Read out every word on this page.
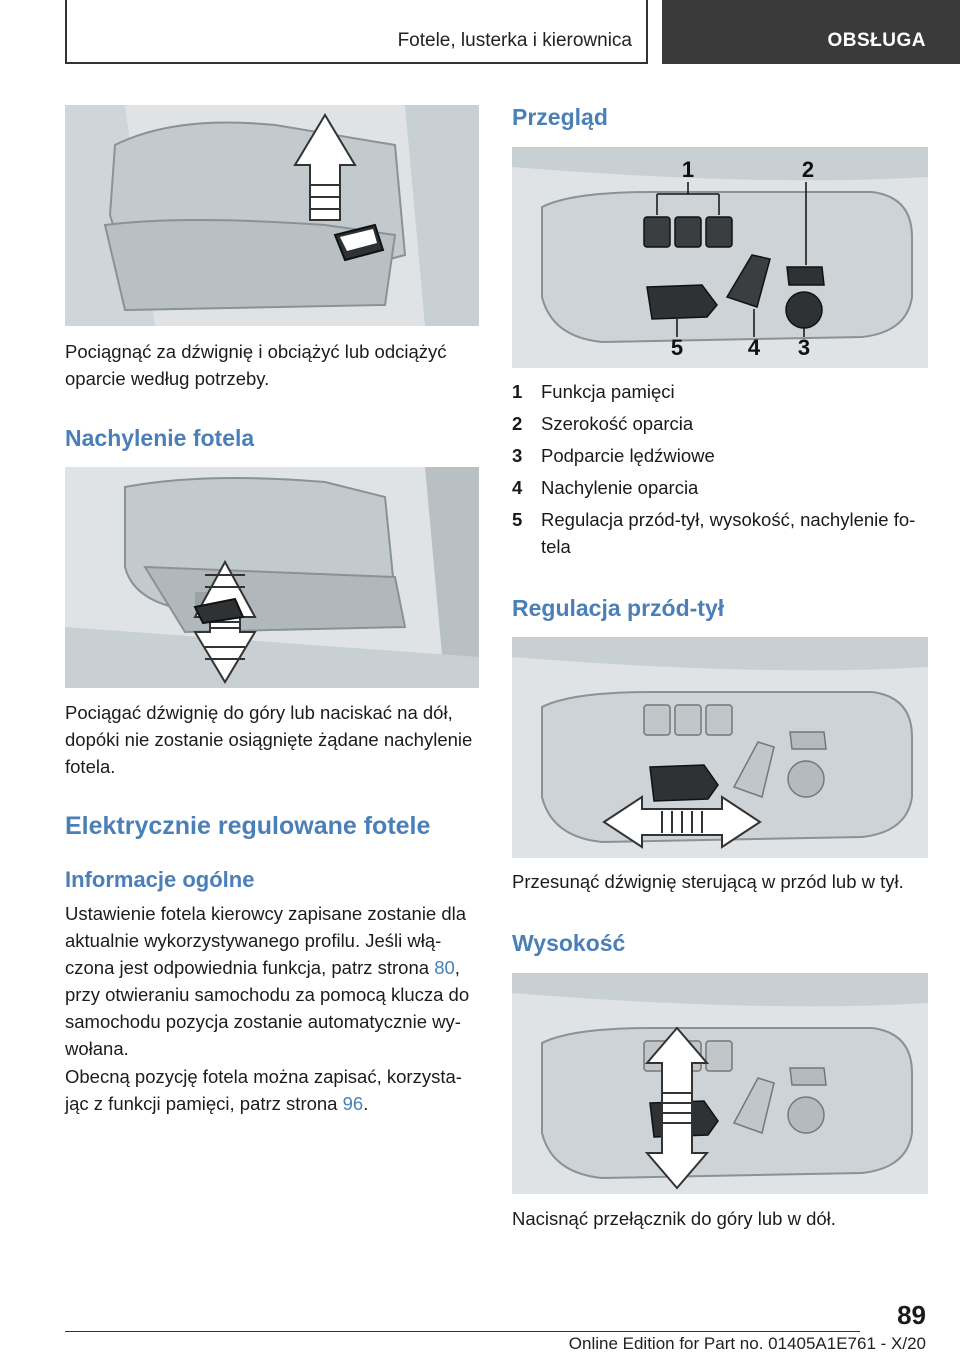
Fotele, lusterka i kierownica	OBSŁUGA
Pociągnąć za dźwignię i obciążyć lub odciążyć
oparcie według potrzeby.
Nachylenie fotela
Pociągać dźwignię do góry lub naciskać na dół,
dopóki nie zostanie osiągnięte żądane nachylenie
fotela.
Elektrycznie regulowane fotele
Informacje ogólne
Ustawienie fotela kierowcy zapisane zostanie dla
aktualnie wykorzystywanego profilu. Jeśli włą-
czona jest odpowiednia funkcja, patrz strona 80,
przy otwieraniu samochodu za pomocą klucza do
samochodu pozycja zostanie automatycznie wy-
wołana.
Obecną pozycję fotela można zapisać, korzysta-
jąc z funkcji pamięci, patrz strona 96.
Przegląd
1	2
3
4
5
1	Funkcja pamięci
2	Szerokość oparcia
3	Podparcie lędźwiowe
4	Nachylenie oparcia
5	Regulacja przód-tył, wysokość, nachylenie fo-
tela
Regulacja przód-tył
Przesunąć dźwignię sterującą w przód lub w tył.
Wysokość
Nacisnąć przełącznik do góry lub w dół.
89
Online Edition for Part no. 01405A1E761 - X/20
